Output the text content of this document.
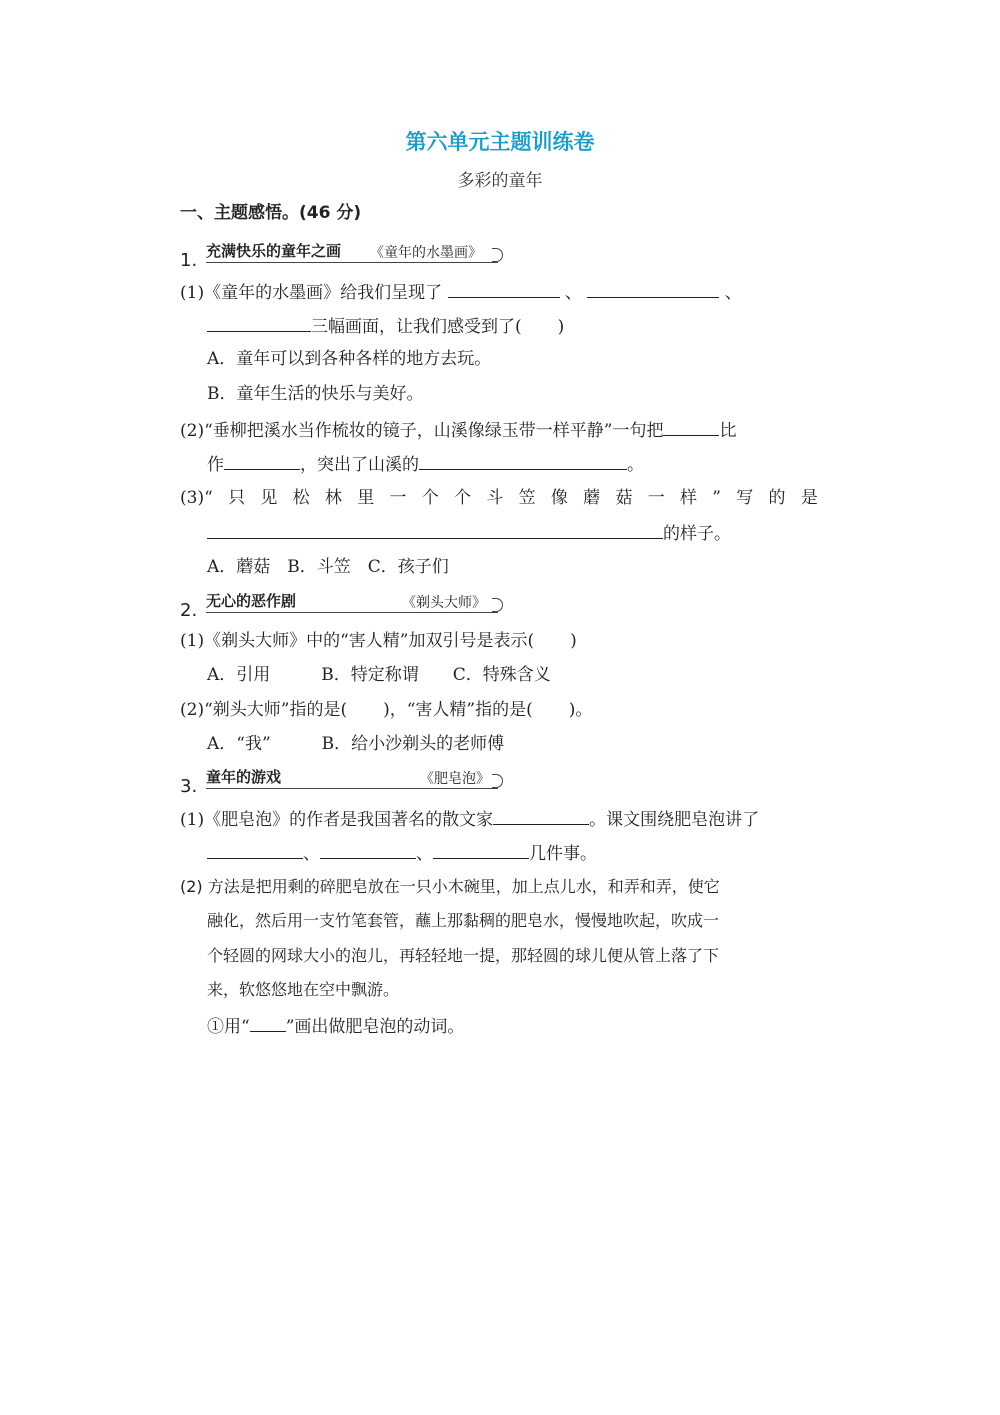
第六单元主题训练卷
多彩的童年
一、主题感悟。(46 分)
1. 充满快乐的童年之画 《童年的水墨画》
(1)《童年的水墨画》给我们呈现了	、	、
三幅画面，让我们感受到了( )
A．童年可以到各种各样的地方去玩。
B．童年生活的快乐与美好。
(2)“垂柳把溪水当作梳妆的镜子，山溪像绿玉带一样平静”一句把	比
作	，突出了山溪的	。
(3)“ 只 见 松 林 里 一 个 个 斗 笠 像 蘑 菇 一 样 ” 写 的 是
的样子。
A．蘑菇　B．斗笠　C．孩子们
2. 无心的恶作剧	《剃头大师》
(1)《剃头大师》中的“害人精”加双引号是表示( )
A．引用　　　B．特定称谓　　C．特殊含义
(2)“剃头大师”指的是( )，“害人精”指的是( )。
A．“我”　　　B．给小沙剃头的老师傅
3. 童年的游戏	《肥皂泡》
(1)《肥皂泡》的作者是我国著名的散文家	。课文围绕肥皂泡讲了
、	、	几件事。
(2) 方法是把用剩的碎肥皂放在一只小木碗里，加上点儿水，和弄和弄，使它
融化，然后用一支竹笔套管，蘸上那黏稠的肥皂水，慢慢地吹起，吹成一
个轻圆的网球大小的泡儿，再轻轻地一提，那轻圆的球儿便从管上落了下
来，软悠悠地在空中飘游。
①用“ ”画出做肥皂泡的动词。
